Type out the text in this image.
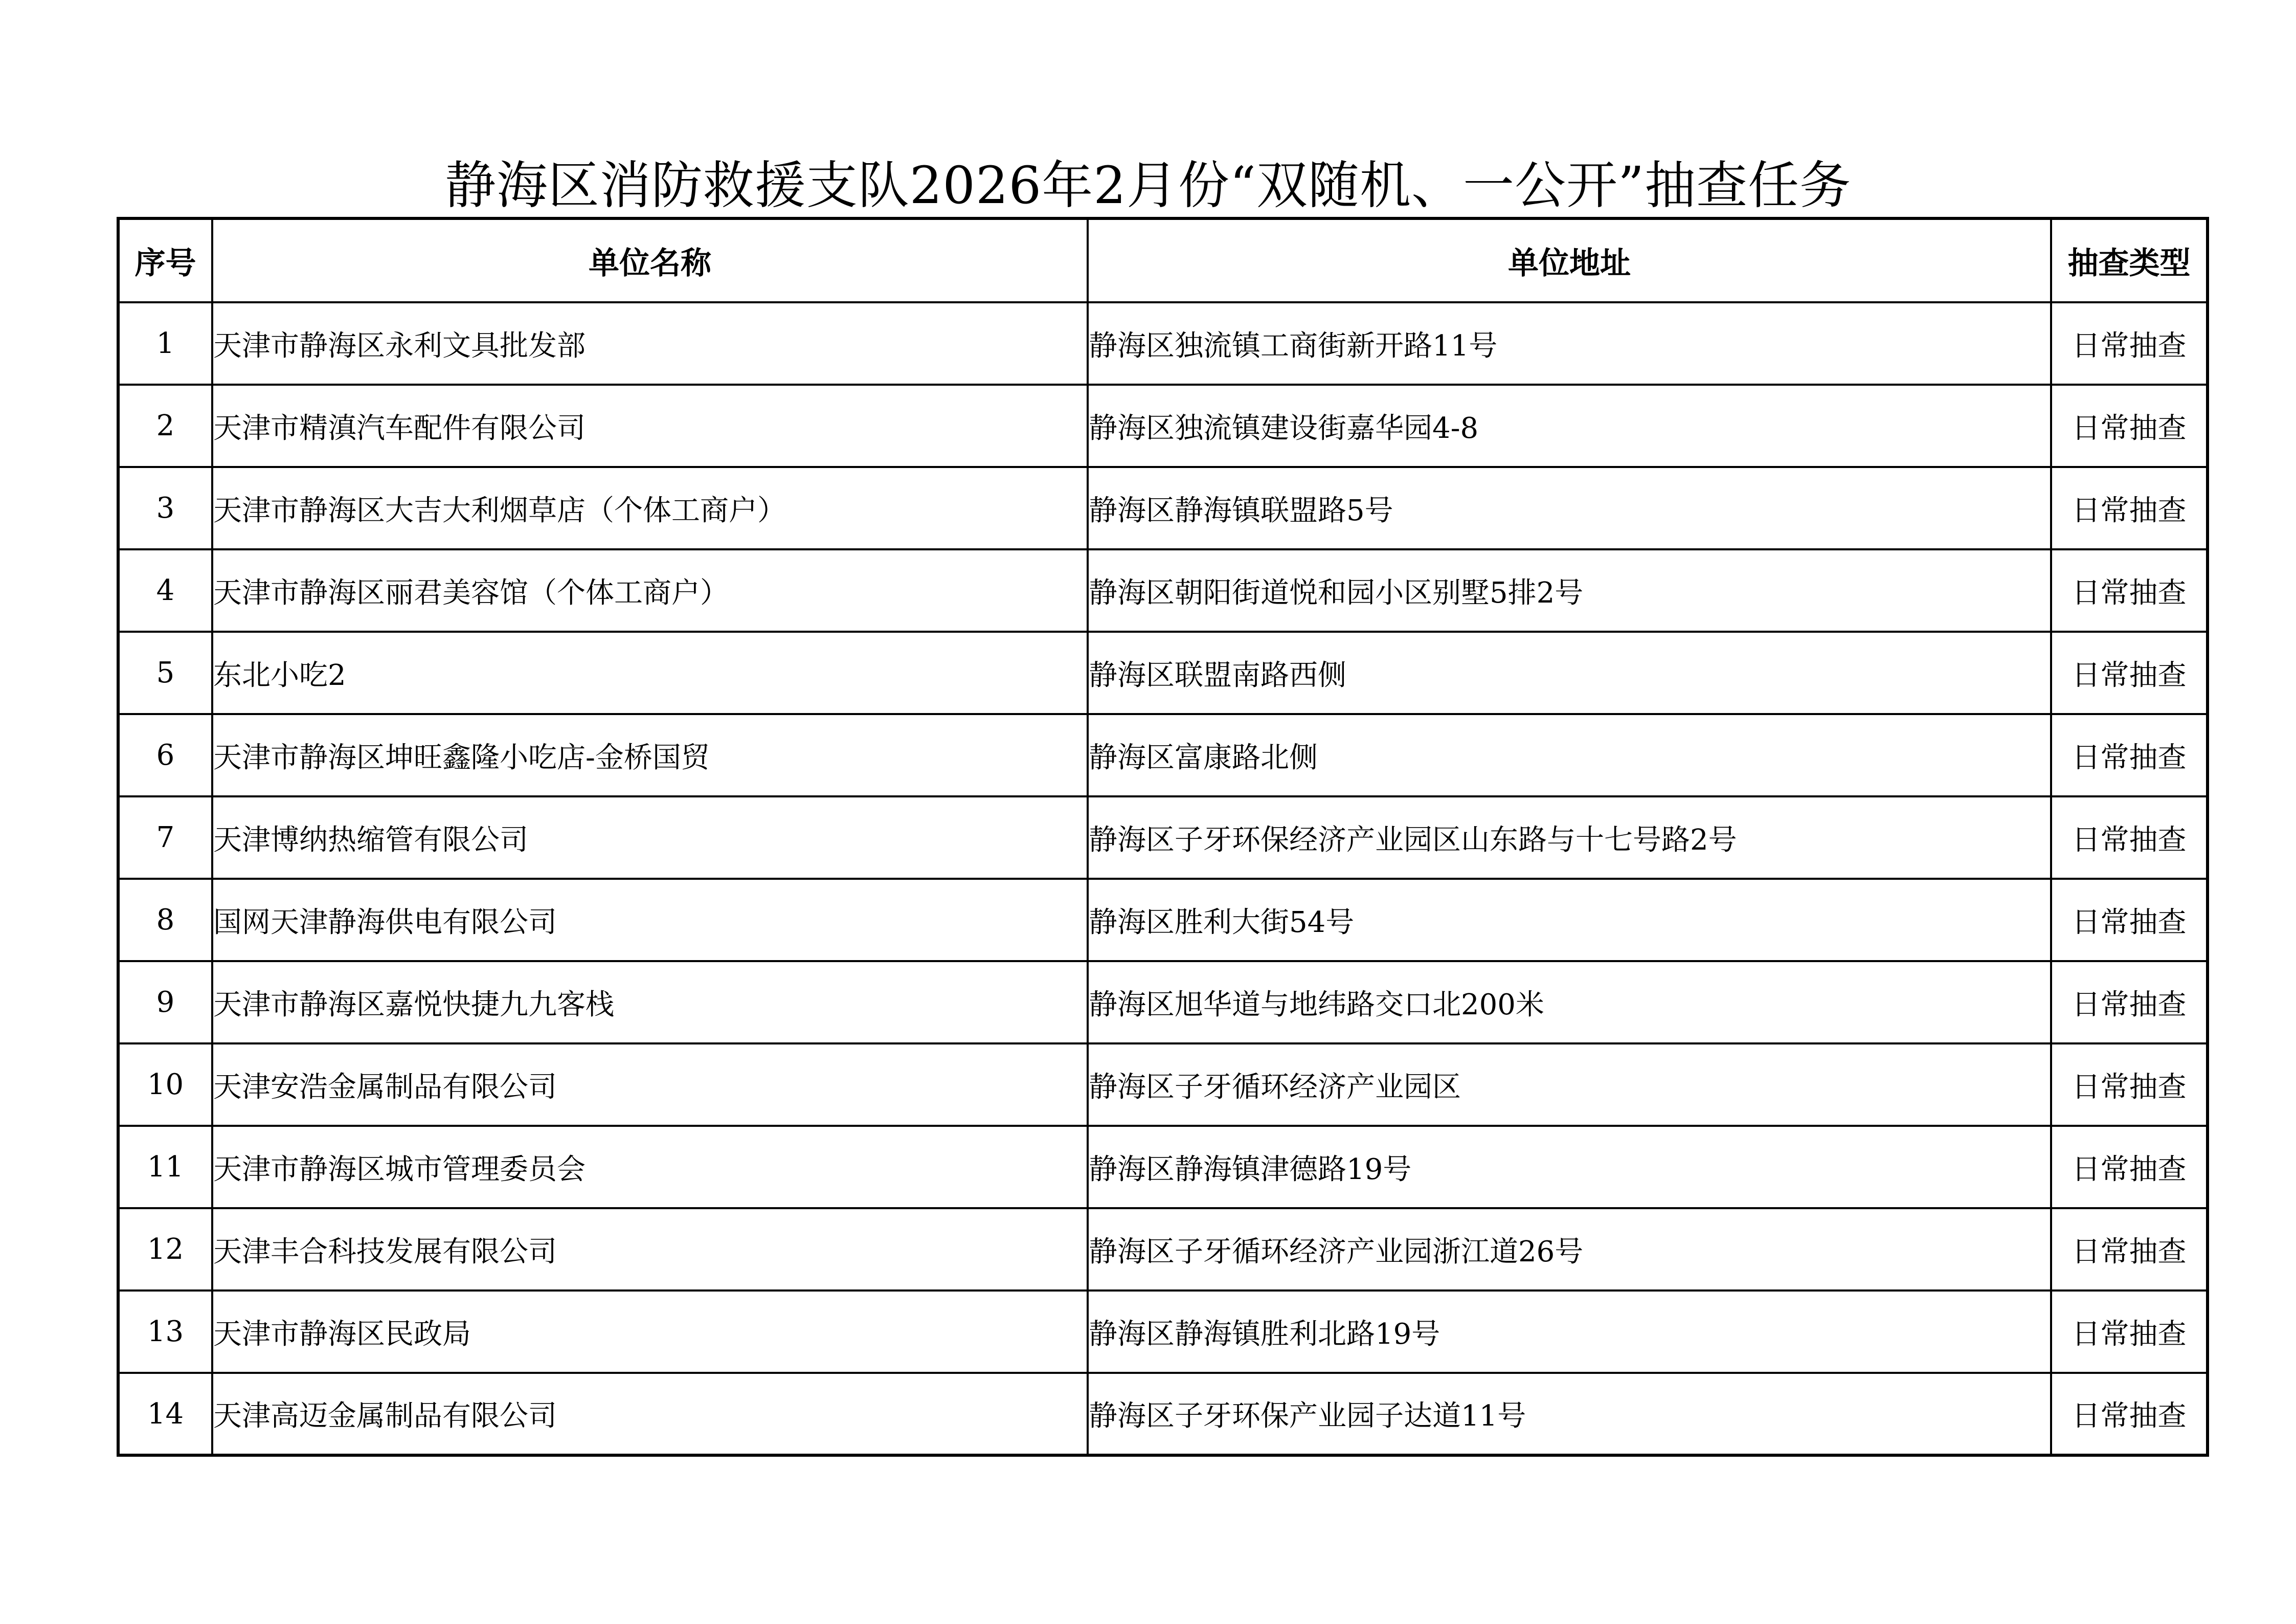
静海区消防救援支队2026年2月份“双随机、一公开”抽查任务
序号	单位名称	单位地址	抽查类型
1	天津市静海区永利文具批发部	静海区独流镇工商街新开路11号	日常抽查
2	天津市精滇汽车配件有限公司	静海区独流镇建设街嘉华园4-8	日常抽查
3	天津市静海区大吉大利烟草店（个体工商户）	静海区静海镇联盟路5号	日常抽查
4	天津市静海区丽君美容馆（个体工商户）	静海区朝阳街道悦和园小区别墅5排2号	日常抽查
5	东北小吃2	静海区联盟南路西侧	日常抽查
6	天津市静海区坤旺鑫隆小吃店-金桥国贸	静海区富康路北侧	日常抽查
7	天津博纳热缩管有限公司	静海区子牙环保经济产业园区山东路与十七号路2号	日常抽查
8	国网天津静海供电有限公司	静海区胜利大街54号	日常抽查
9	天津市静海区嘉悦快捷九九客栈	静海区旭华道与地纬路交口北200米	日常抽查
10	天津安浩金属制品有限公司	静海区子牙循环经济产业园区	日常抽查
11	天津市静海区城市管理委员会	静海区静海镇津德路19号	日常抽查
12	天津丰合科技发展有限公司	静海区子牙循环经济产业园浙江道26号	日常抽查
13	天津市静海区民政局	静海区静海镇胜利北路19号	日常抽查
14	天津高迈金属制品有限公司	静海区子牙环保产业园子达道11号	日常抽查
